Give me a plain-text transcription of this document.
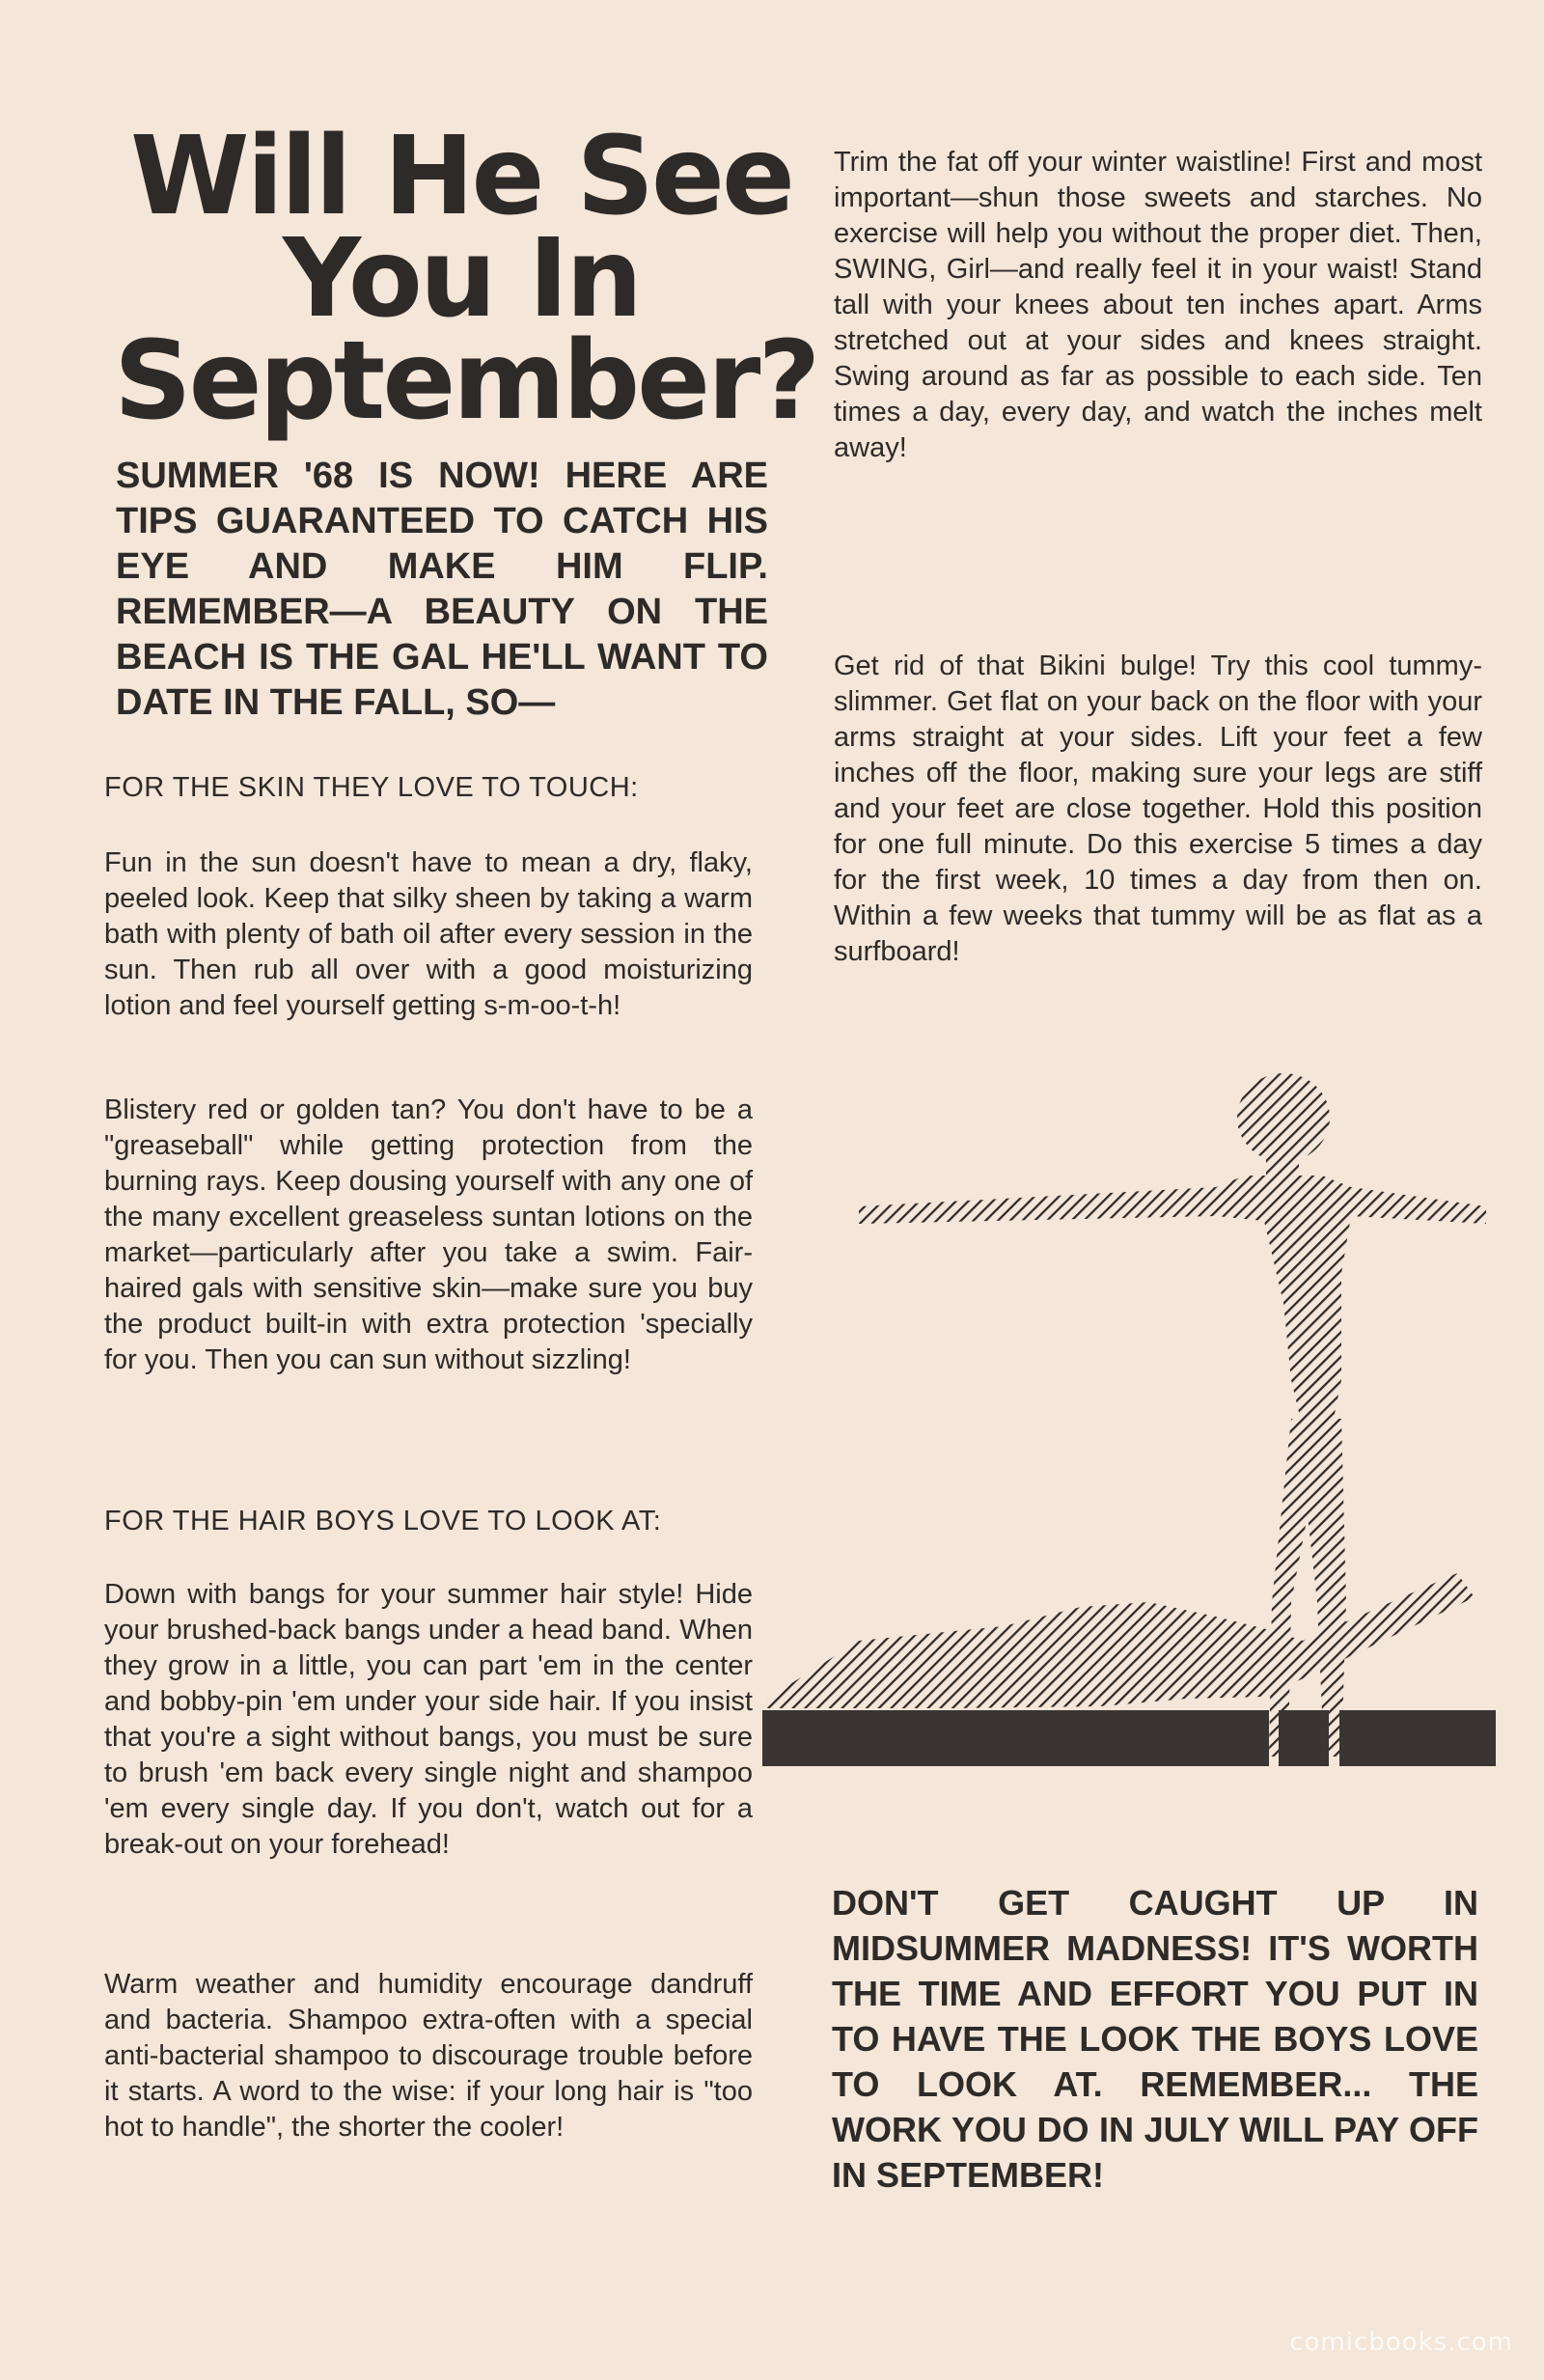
Will He See
You In
September?

SUMMER '68 IS NOW! HERE ARE TIPS GUARANTEED TO CATCH HIS EYE AND MAKE HIM FLIP. REMEMBER—A BEAUTY ON THE BEACH IS THE GAL HE'LL WANT TO DATE IN THE FALL, SO—

FOR THE SKIN THEY LOVE TO TOUCH:

Fun in the sun doesn't have to mean a dry, flaky, peeled look. Keep that silky sheen by taking a warm bath with plenty of bath oil after every session in the sun. Then rub all over with a good moisturizing lotion and feel yourself getting s-m-oo-t-h!

Blistery red or golden tan? You don't have to be a "greaseball" while getting protection from the burning rays. Keep dousing yourself with any one of the many excellent greaseless suntan lotions on the market—particularly after you take a swim. Fair-haired gals with sensitive skin—make sure you buy the product built-in with extra protection 'specially for you. Then you can sun without sizzling!

FOR THE HAIR BOYS LOVE TO LOOK AT:

Down with bangs for your summer hair style! Hide your brushed-back bangs under a head band. When they grow in a little, you can part 'em in the center and bobby-pin 'em under your side hair. If you insist that you're a sight without bangs, you must be sure to brush 'em back every single night and shampoo 'em every single day. If you don't, watch out for a break-out on your forehead!

Warm weather and humidity encourage dandruff and bacteria. Shampoo extra-often with a special anti-bacterial shampoo to discourage trouble before it starts. A word to the wise: if your long hair is "too hot to handle", the shorter the cooler!

Trim the fat off your winter waistline! First and most important—shun those sweets and starches. No exercise will help you without the proper diet. Then, SWING, Girl—and really feel it in your waist! Stand tall with your knees about ten inches apart. Arms stretched out at your sides and knees straight. Swing around as far as possible to each side. Ten times a day, every day, and watch the inches melt away!

Get rid of that Bikini bulge! Try this cool tummy-slimmer. Get flat on your back on the floor with your arms straight at your sides. Lift your feet a few inches off the floor, making sure your legs are stiff and your feet are close together. Hold this position for one full minute. Do this exercise 5 times a day for the first week, 10 times a day from then on. Within a few weeks that tummy will be as flat as a surfboard!

DON'T GET CAUGHT UP IN MIDSUMMER MADNESS! IT'S WORTH THE TIME AND EFFORT YOU PUT IN TO HAVE THE LOOK THE BOYS LOVE TO LOOK AT. REMEMBER... THE WORK YOU DO IN JULY WILL PAY OFF IN SEPTEMBER!

comicbooks.com
